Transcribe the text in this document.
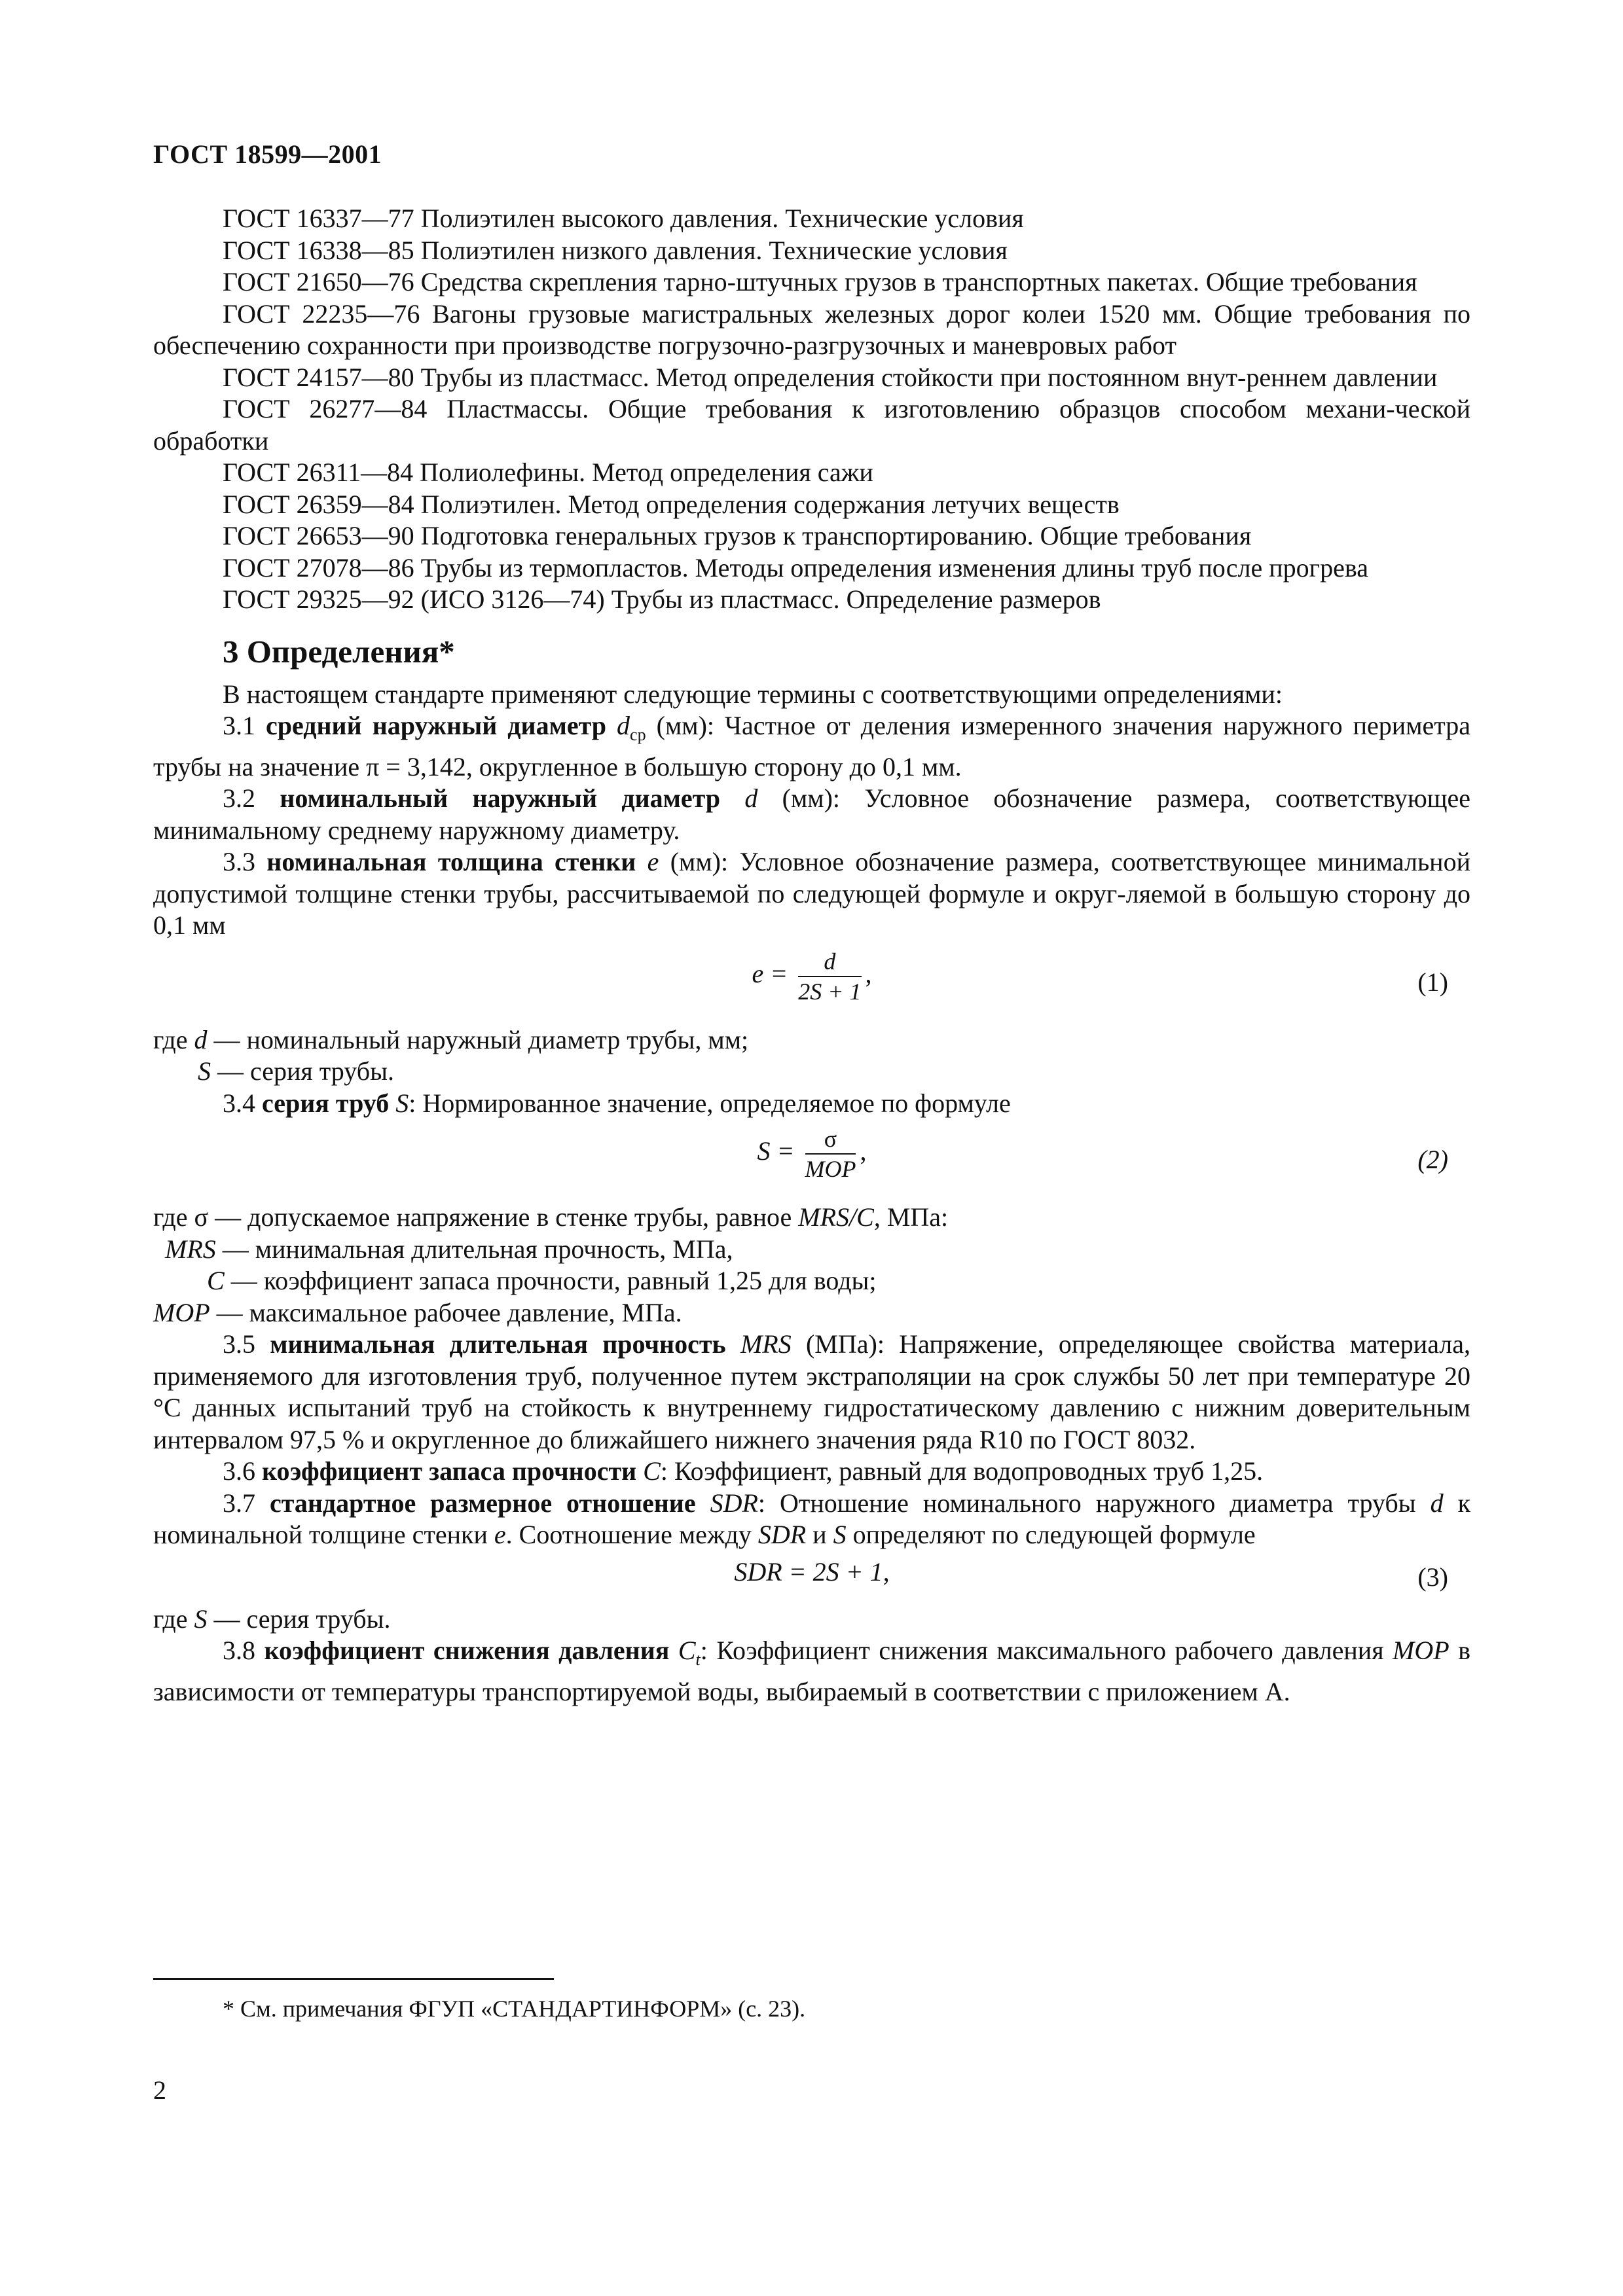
ГОСТ 18599—2001

ГОСТ 16337—77 Полиэтилен высокого давления. Технические условия

ГОСТ 16338—85 Полиэтилен низкого давления. Технические условия

ГОСТ 21650—76 Средства скрепления тарно-штучных грузов в транспортных пакетах. Общие требования

ГОСТ 22235—76 Вагоны грузовые магистральных железных дорог колеи 1520 мм. Общие требования по обеспечению сохранности при производстве погрузочно-разгрузочных и маневровых работ

ГОСТ 24157—80 Трубы из пластмасс. Метод определения стойкости при постоянном внут-реннем давлении

ГОСТ 26277—84 Пластмассы. Общие требования к изготовлению образцов способом механи-ческой обработки

ГОСТ 26311—84 Полиолефины. Метод определения сажи

ГОСТ 26359—84 Полиэтилен. Метод определения содержания летучих веществ

ГОСТ 26653—90 Подготовка генеральных грузов к транспортированию. Общие требования

ГОСТ 27078—86 Трубы из термопластов. Методы определения изменения длины труб после прогрева

ГОСТ 29325—92 (ИСО 3126—74) Трубы из пластмасс. Определение размеров

3 Определения*

В настоящем стандарте применяют следующие термины с соответствующими определениями:

3.1 средний наружный диаметр $d_{ср}$ (мм): Частное от деления измеренного значения наружного периметра трубы на значение π = 3,142, округленное в большую сторону до 0,1 мм.

3.2 номинальный наружный диаметр d (мм): Условное обозначение размера, соответствующее минимальному среднему наружному диаметру.

3.3 номинальная толщина стенки e (мм): Условное обозначение размера, соответствующее минимальной допустимой толщине стенки трубы, рассчитываемой по следующей формуле и округ-ляемой в большую сторону до 0,1 мм

$e = \frac{d}{2S + 1}$ ,	(1)

где d — номинальный наружный диаметр трубы, мм;

S — серия трубы.

3.4 серия труб S: Нормированное значение, определяемое по формуле

$S = \frac{\sigma}{\text{MOP}}$ ,	(2)

где σ — допускаемое напряжение в стенке трубы, равное MRS/C, МПа:

MRS — минимальная длительная прочность, МПа,

C — коэффициент запаса прочности, равный 1,25 для воды;

MOP — максимальное рабочее давление, МПа.

3.5 минимальная длительная прочность MRS (МПа): Напряжение, определяющее свойства материала, применяемого для изготовления труб, полученное путем экстраполяции на срок службы 50 лет при температуре 20 °С данных испытаний труб на стойкость к внутреннему гидростатическому давлению с нижним доверительным интервалом 97,5 % и округленное до ближайшего нижнего значения ряда R10 по ГОСТ 8032.

3.6 коэффициент запаса прочности C: Коэффициент, равный для водопроводных труб 1,25.

3.7 стандартное размерное отношение SDR: Отношение номинального наружного диаметра трубы d к номинальной толщине стенки e. Соотношение между SDR и S определяют по следующей формуле

SDR = 2S + 1,	(3)

где S — серия трубы.

3.8 коэффициент снижения давления $C_t$: Коэффициент снижения максимального рабочего давления MOP в зависимости от температуры транспортируемой воды, выбираемый в соответствии с приложением А.

* См. примечания ФГУП «СТАНДАРТИНФОРМ» (с. 23).
2
